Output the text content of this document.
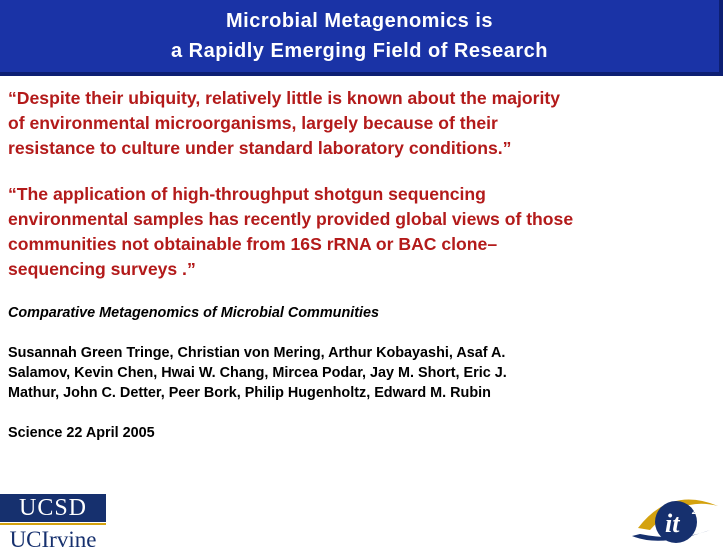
Microbial Metagenomics is
a Rapidly Emerging Field of Research

“Despite their ubiquity, relatively little is known about the majority

of environmental microorganisms, largely because of their

resistance to culture under standard laboratory conditions.”

“The application of high-throughput shotgun sequencing

environmental samples has recently provided global views of those

communities not obtainable from 16S rRNA or BAC clone–

sequencing surveys .”

Comparative Metagenomics of Microbial Communities

Susannah Green Tringe, Christian von Mering, Arthur Kobayashi, Asaf A.

Salamov, Kevin Chen, Hwai W. Chang, Mircea Podar, Jay M. Short, Eric J.

Mathur, John C. Detter, Peer Bork, Philip Hugenholtz, Edward M. Rubin

Science 22 April 2005

UCSD
UCIrvine
it 2
